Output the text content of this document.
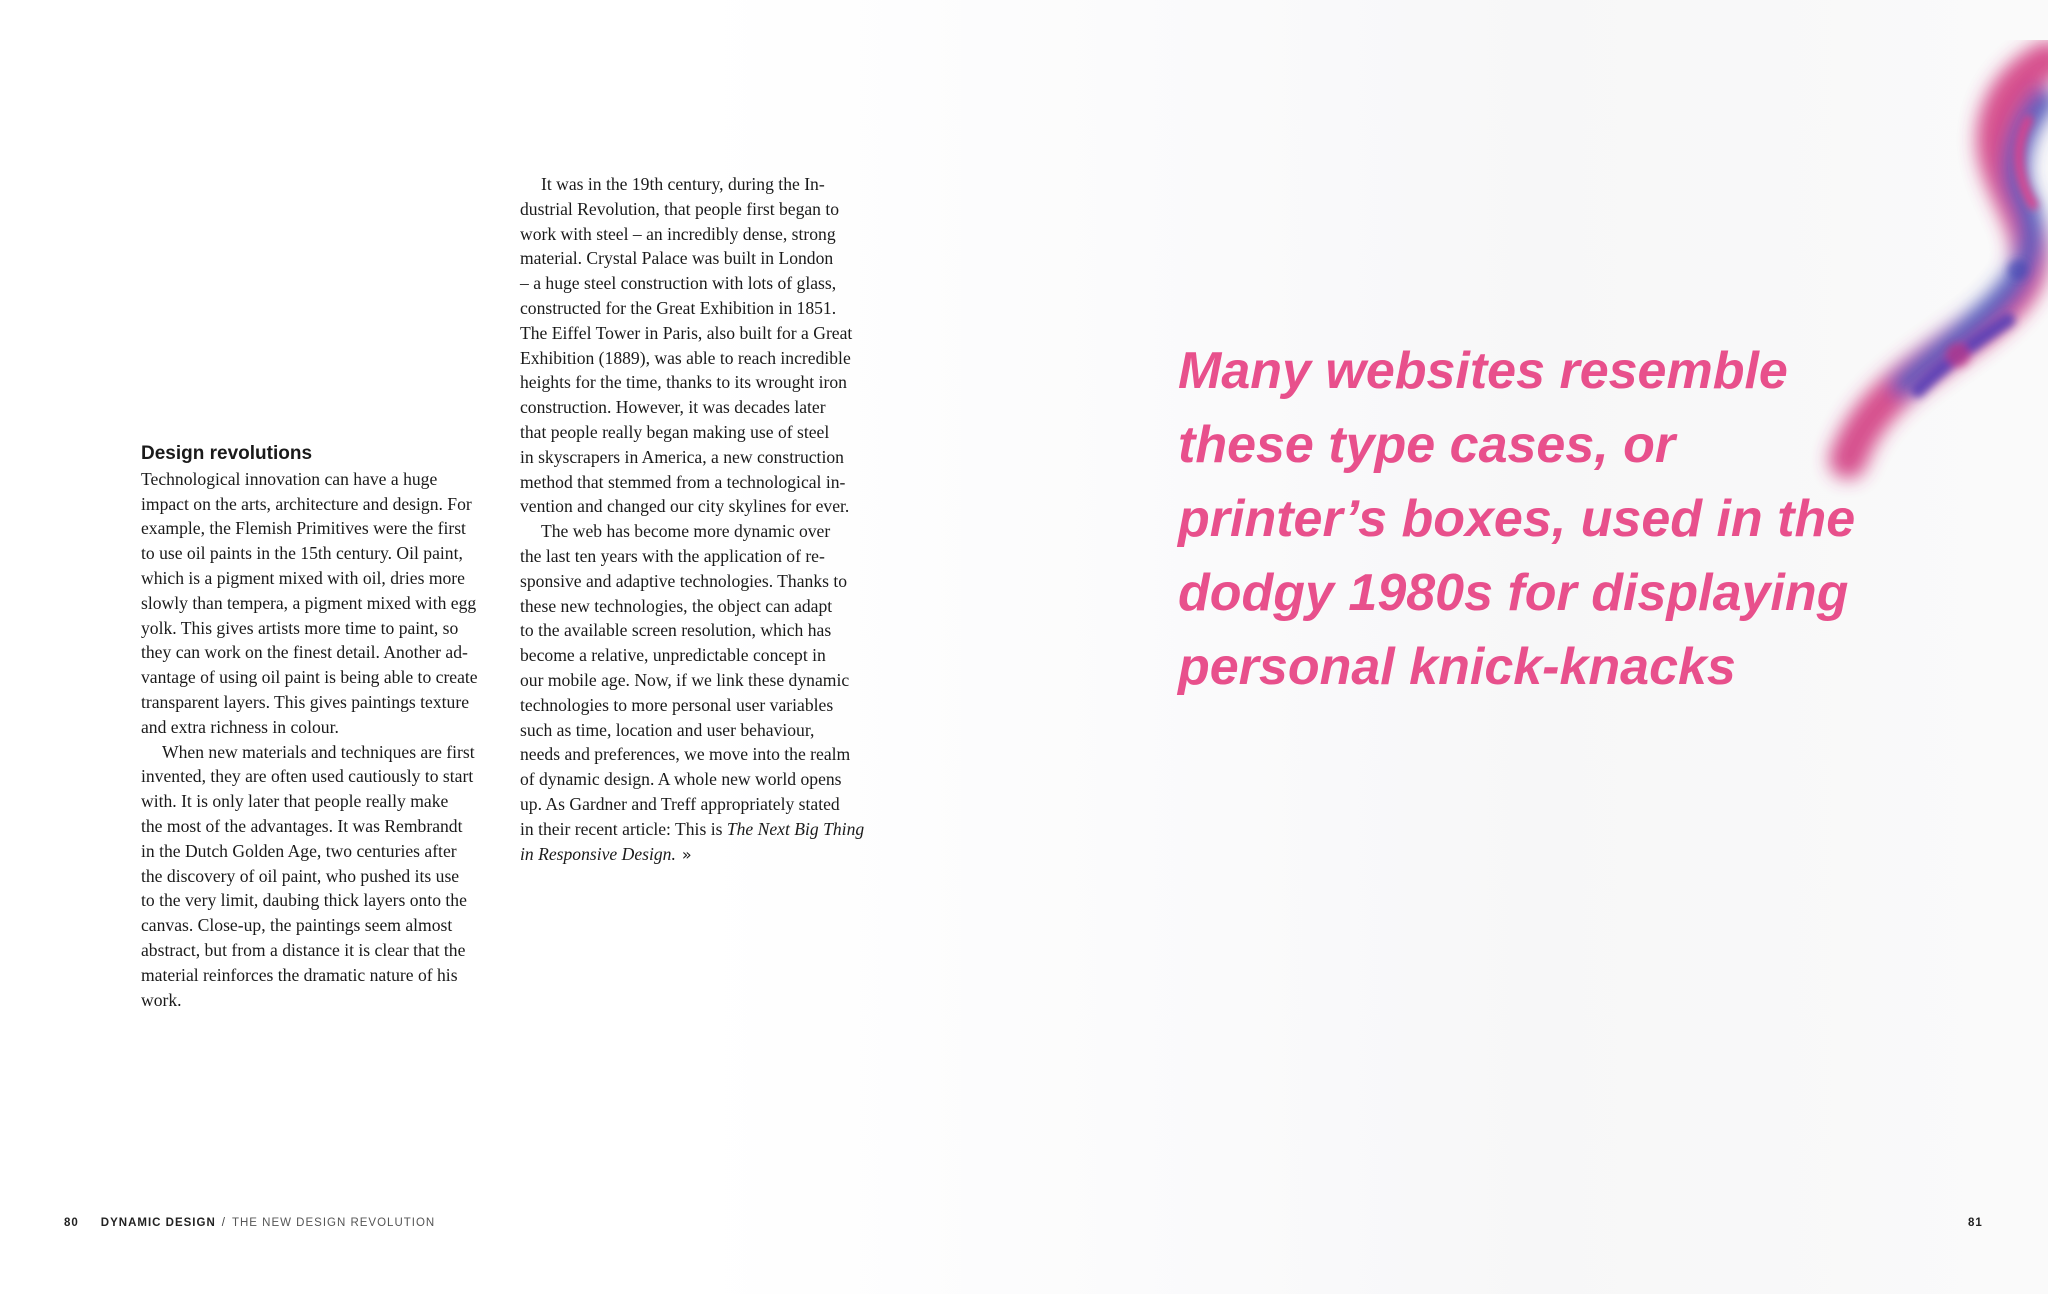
Design revolutions
Technological innovation can have a huge
impact on the arts, architecture and design. For
example, the Flemish Primitives were the first
to use oil paints in the 15th century. Oil paint,
which is a pigment mixed with oil, dries more
slowly than tempera, a pigment mixed with egg
yolk. This gives artists more time to paint, so
they can work on the finest detail. Another ad-
vantage of using oil paint is being able to create
transparent layers. This gives paintings texture
and extra richness in colour.
When new materials and techniques are first
invented, they are often used cautiously to start
with. It is only later that people really make
the most of the advantages. It was Rembrandt
in the Dutch Golden Age, two centuries after
the discovery of oil paint, who pushed its use
to the very limit, daubing thick layers onto the
canvas. Close-up, the paintings seem almost
abstract, but from a distance it is clear that the
material reinforces the dramatic nature of his
work.
It was in the 19th century, during the In-
dustrial Revolution, that people first began to
work with steel – an incredibly dense, strong
material. Crystal Palace was built in London
– a huge steel construction with lots of glass,
constructed for the Great Exhibition in 1851.
The Eiffel Tower in Paris, also built for a Great
Exhibition (1889), was able to reach incredible
heights for the time, thanks to its wrought iron
construction. However, it was decades later
that people really began making use of steel
in skyscrapers in America, a new construction
method that stemmed from a technological in-
vention and changed our city skylines for ever.
The web has become more dynamic over
the last ten years with the application of re-
sponsive and adaptive technologies. Thanks to
these new technologies, the object can adapt
to the available screen resolution, which has
become a relative, unpredictable concept in
our mobile age. Now, if we link these dynamic
technologies to more personal user variables
such as time, location and user behaviour,
needs and preferences, we move into the realm
of dynamic design. A whole new world opens
up. As Gardner and Treff appropriately stated
in their recent article: This is The Next Big Thing
in Responsive Design. »
Many websites resemble
these type cases, or
printer’s boxes, used in the
dodgy 1980s for displaying
personal knick-knacks
80 DYNAMIC DESIGN / THE NEW DESIGN REVOLUTION	81
